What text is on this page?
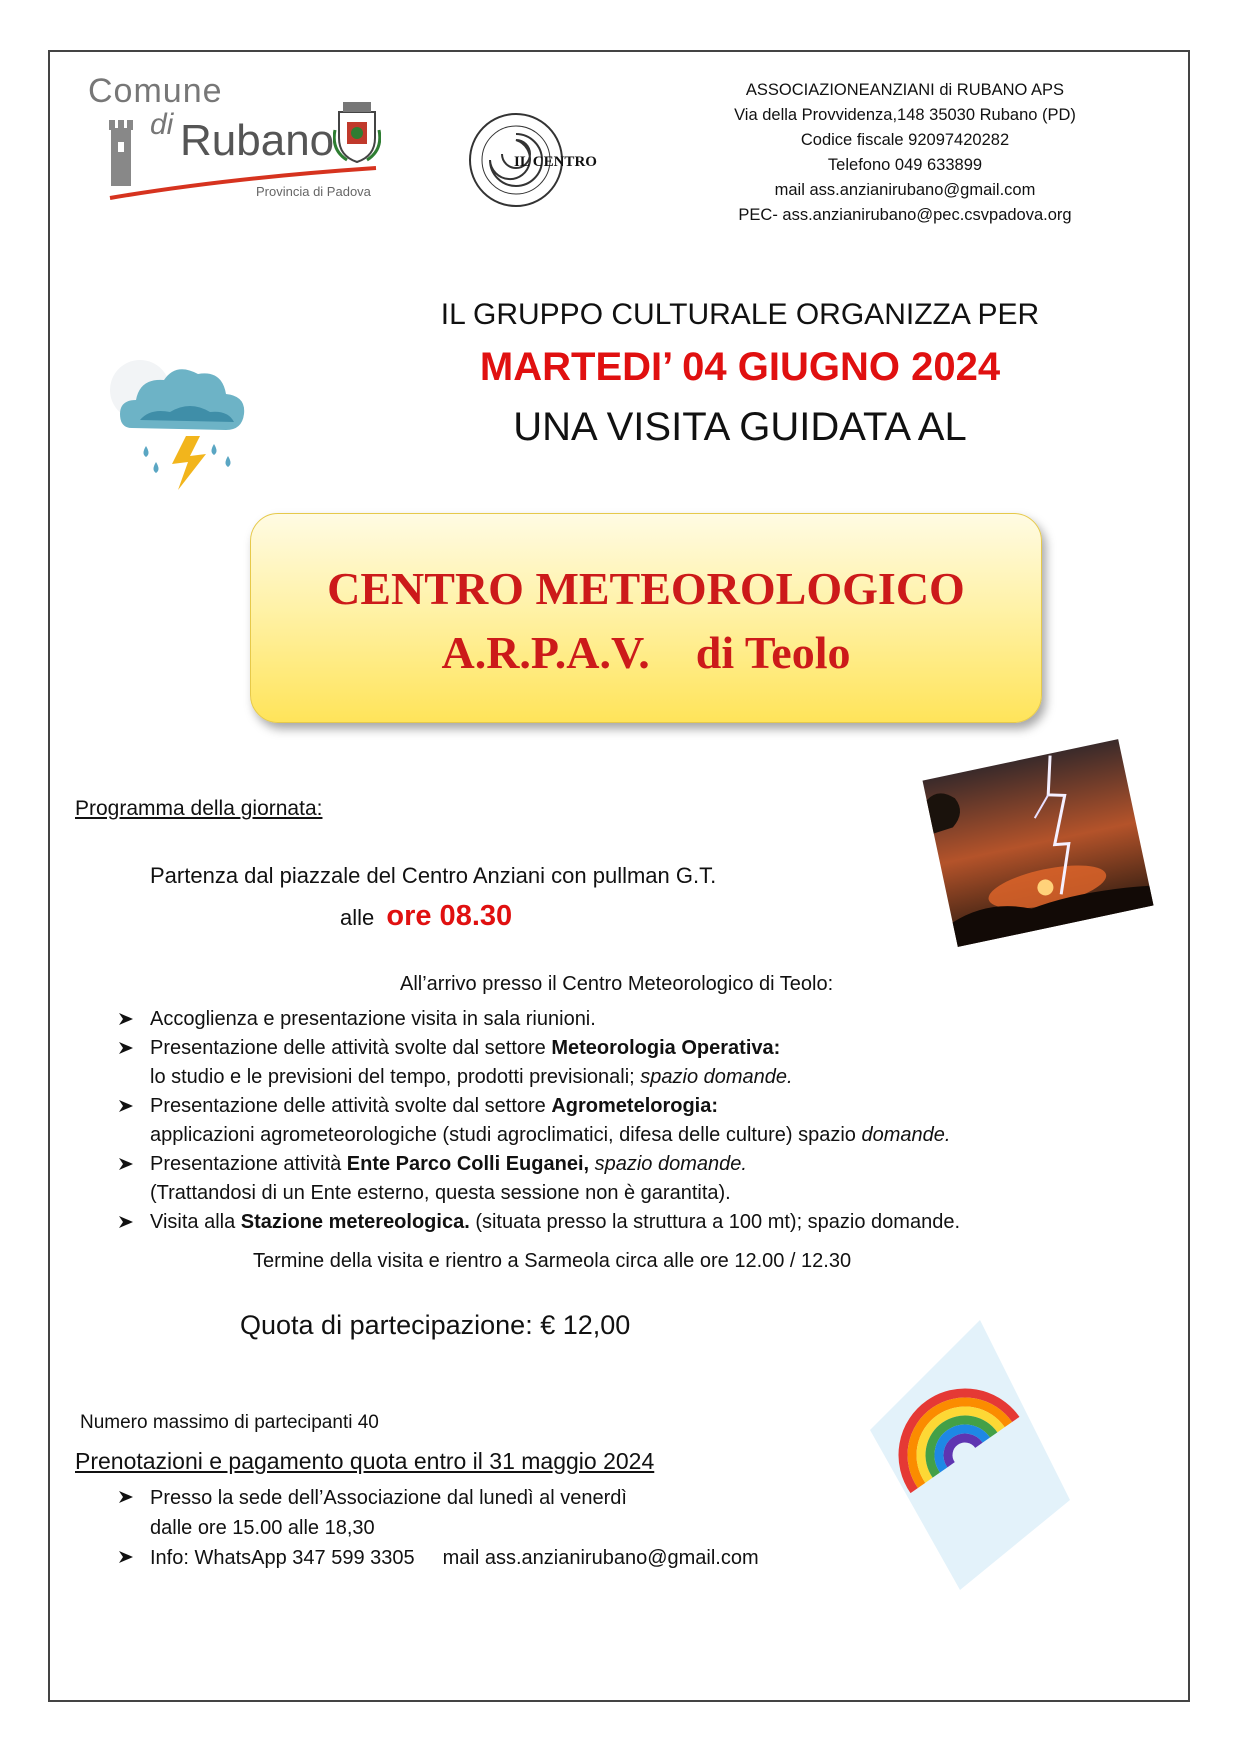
Comune
di Rubano
Provincia di Padova
IL CENTRO
ASSOCIAZIONEANZIANI di RUBANO APS
Via della Provvidenza,148 35030 Rubano (PD)
Codice fiscale 92097420282
Telefono 049 633899
mail ass.anzianirubano@gmail.com
PEC- ass.anzianirubano@pec.csvpadova.org
IL GRUPPO CULTURALE ORGANIZZA PER
MARTEDI’ 04 GIUGNO 2024
UNA VISITA GUIDATA AL
CENTRO METEOROLOGICO
A.R.P.A.V.    di Teolo
Programma della giornata:
Partenza dal piazzale del Centro Anziani con pullman G.T.
alle ore 08.30
All’arrivo presso il Centro Meteorologico di Teolo:
Accoglienza e presentazione visita in sala riunioni.
Presentazione delle attività svolte dal settore Meteorologia Operativa:
lo studio e le previsioni del tempo, prodotti previsionali; spazio domande.
Presentazione delle attività svolte dal settore Agrometelorogia:
applicazioni agrometeorologiche (studi agroclimatici, difesa delle culture) spazio domande.
Presentazione attività Ente Parco Colli Euganei, spazio domande.
(Trattandosi di un Ente esterno, questa sessione non è garantita).
Visita alla Stazione metereologica. (situata presso la struttura a 100 mt); spazio domande.
Termine della visita e rientro a Sarmeola circa alle ore 12.00 / 12.30
Quota di partecipazione: € 12,00
Numero massimo di partecipanti 40
Prenotazioni e pagamento quota entro il 31 maggio 2024
Presso la sede dell’Associazione dal lunedì al venerdì
dalle ore 15.00 alle 18,30
Info: WhatsApp 347 599 3305 mail ass.anzianirubano@gmail.com
